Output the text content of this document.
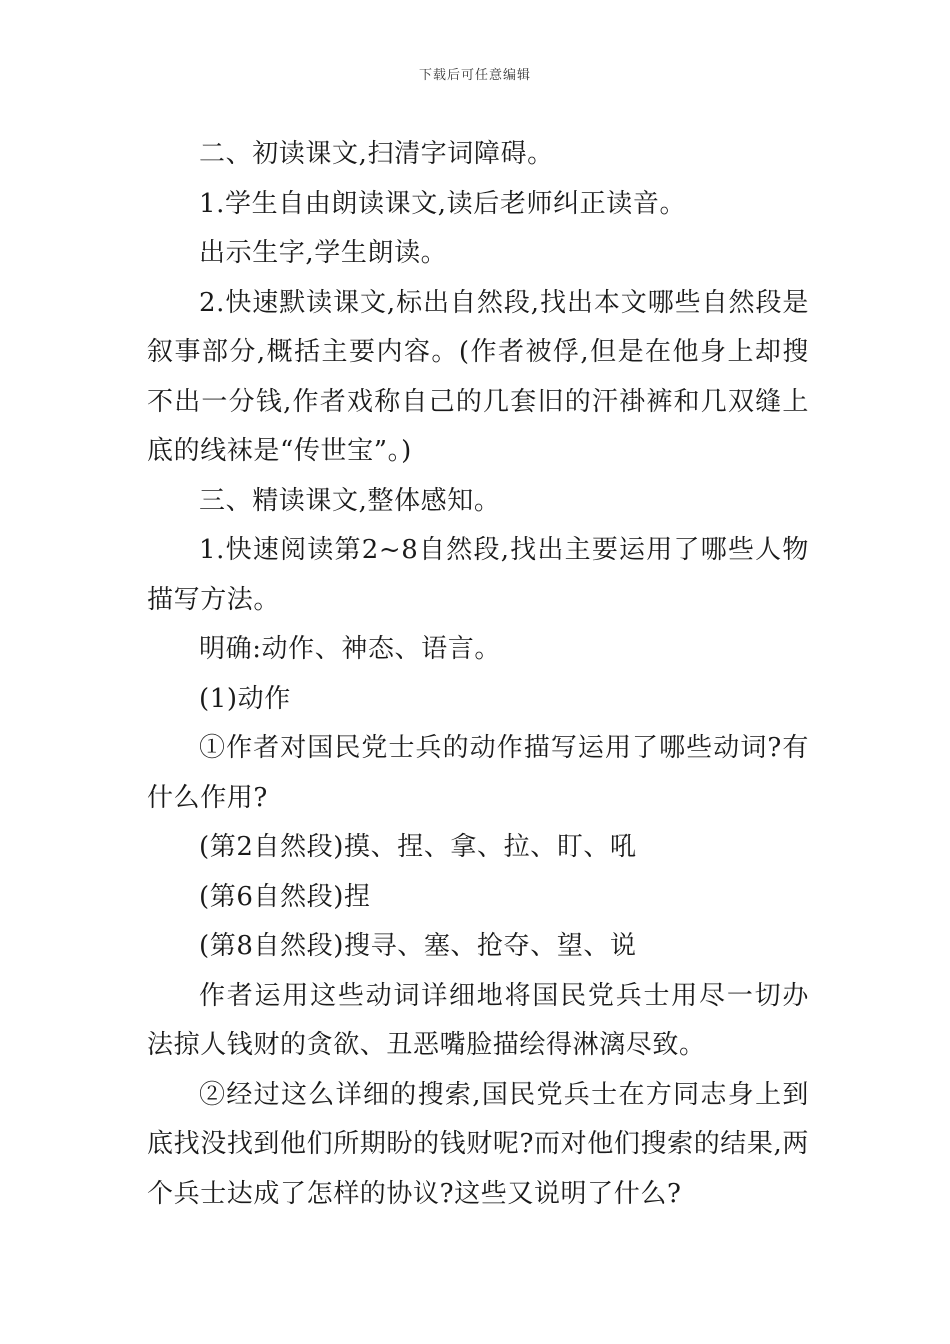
下载后可任意编辑

二、初读课文,扫清字词障碍。

1.学生自由朗读课文,读后老师纠正读音。

出示生字,学生朗读。

2.快速默读课文,标出自然段,找出本文哪些自然段是叙事部分,概括主要内容。(作者被俘,但是在他身上却搜不出一分钱,作者戏称自己的几套旧的汗褂裤和几双缝上底的线袜是“传世宝”。)

三、精读课文,整体感知。

1.快速阅读第2~8自然段,找出主要运用了哪些人物描写方法。

明确:动作、神态、语言。

(1)动作

①作者对国民党士兵的动作描写运用了哪些动词?有什么作用?

(第2自然段)摸、捏、拿、拉、盯、吼

(第6自然段)捏

(第8自然段)搜寻、塞、抢夺、望、说

作者运用这些动词详细地将国民党兵士用尽一切办法掠人钱财的贪欲、丑恶嘴脸描绘得淋漓尽致。

②经过这么详细的搜索,国民党兵士在方同志身上到底找没找到他们所期盼的钱财呢?而对他们搜索的结果,两个兵士达成了怎样的协议?这些又说明了什么?
